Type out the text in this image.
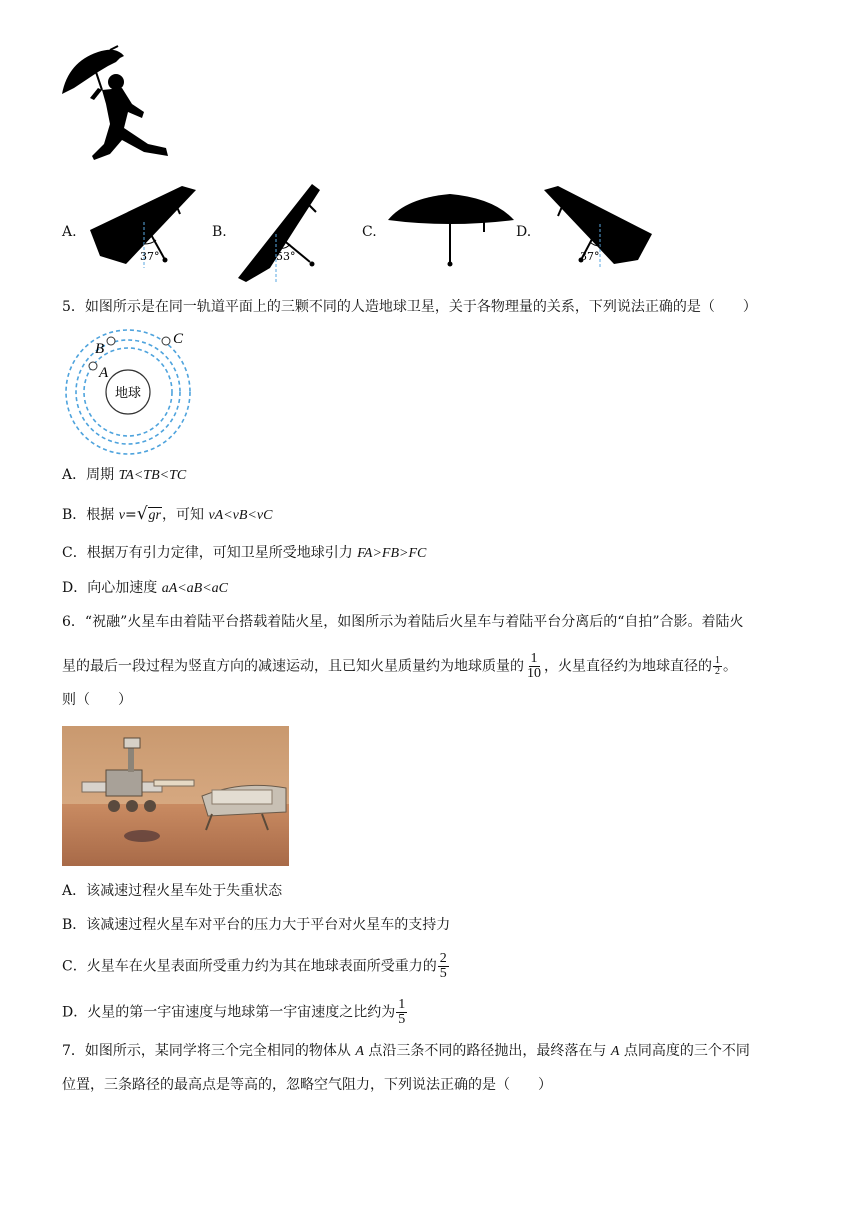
A.
37°
B.
53°
C.	D.
37°
5．如图所示是在同一轨道平面上的三颗不同的人造地球卫星，关于各物理量的关系，下列说法正确的是（　　）
地球
A
B
C
A．周期 TA<TB<TC
B．根据 v=√gr，可知 vA<vB<vC
C．根据万有引力定律，可知卫星所受地球引力 FA>FB>FC
D．向心加速度 aA<aB<aC
6．“祝融”火星车由着陆平台搭载着陆火星，如图所示为着陆后火星车与着陆平台分离后的“自拍”合影。着陆火
星的最后一段过程为竖直方向的减速运动，且已知火星质量约为地球质量的 $\frac{1}{10}$ ，火星直径约为地球直径的 $\frac{1}{2}$ 。
则（　　）
A．该减速过程火星车处于失重状态
B．该减速过程火星车对平台的压力大于平台对火星车的支持力
C．火星车在火星表面所受重力约为其在地球表面所受重力的 $\frac{2}{5}$
D．火星的第一宇宙速度与地球第一宇宙速度之比约为 $\frac{1}{5}$
7．如图所示，某同学将三个完全相同的物体从 A 点沿三条不同的路径抛出，最终落在与 A 点同高度的三个不同
位置，三条路径的最高点是等高的，忽略空气阻力，下列说法正确的是（　　）
